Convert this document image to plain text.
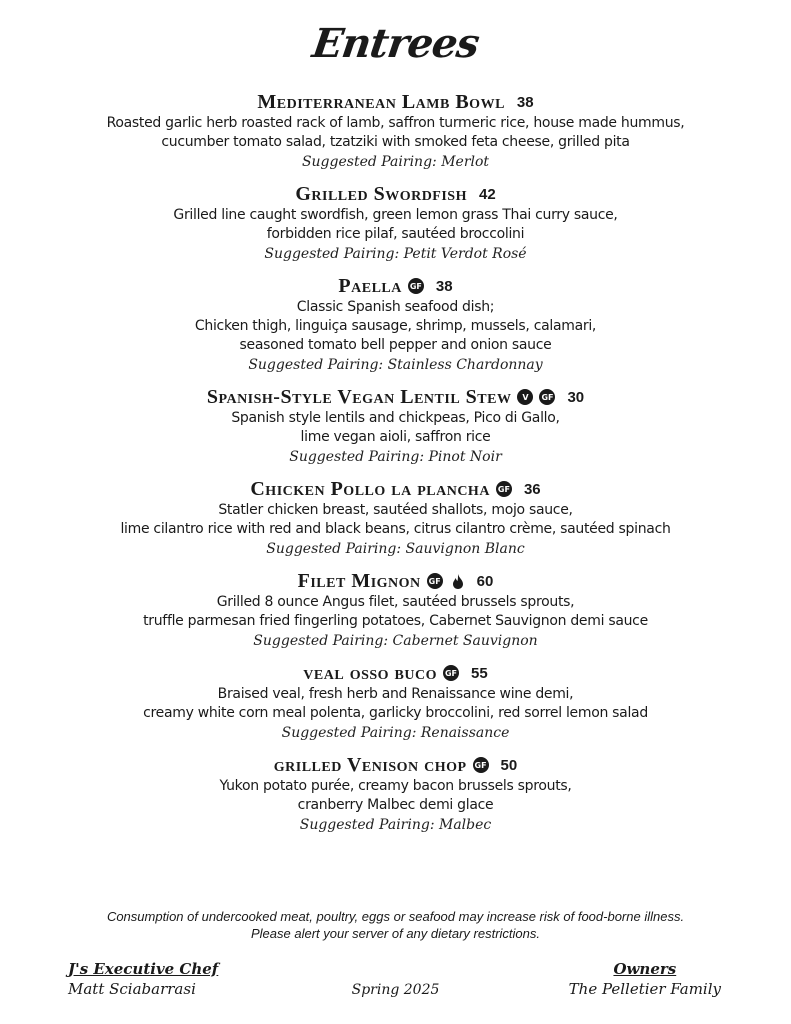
Entrees
Mediterranean Lamb Bowl 38
Roasted garlic herb roasted rack of lamb, saffron turmeric rice, house made hummus,
cucumber tomato salad, tzatziki with smoked feta cheese, grilled pita
Suggested Pairing: Merlot
Grilled Swordfish 42
Grilled line caught swordfish, green lemon grass Thai curry sauce,
forbidden rice pilaf, sautéed broccolini
Suggested Pairing: Petit Verdot Rosé
Paella GF 38
Classic Spanish seafood dish;
Chicken thigh, linguiça sausage, shrimp, mussels, calamari,
seasoned tomato bell pepper and onion sauce
Suggested Pairing: Stainless Chardonnay
Spanish-Style Vegan Lentil Stew	V	GF 30
Spanish style lentils and chickpeas, Pico di Gallo,
lime vegan aioli, saffron rice
Suggested Pairing: Pinot Noir
Chicken Pollo la plancha GF 36
Statler chicken breast, sautéed shallots, mojo sauce,
lime cilantro rice with red and black beans, citrus cilantro crème, sautéed spinach
Suggested Pairing: Sauvignon Blanc
Filet Mignon GF 60
Grilled 8 ounce Angus filet, sautéed brussels sprouts,
truffle parmesan fried fingerling potatoes, Cabernet Sauvignon demi sauce
Suggested Pairing: Cabernet Sauvignon
veal osso buco GF 55
Braised veal, fresh herb and Renaissance wine demi,
creamy white corn meal polenta, garlicky broccolini, red sorrel lemon salad
Suggested Pairing: Renaissance
grilled Venison chop GF 50
Yukon potato purée, creamy bacon brussels sprouts,
cranberry Malbec demi glace
Suggested Pairing: Malbec
Consumption of undercooked meat, poultry, eggs or seafood may increase risk of food-borne illness.
Please alert your server of any dietary restrictions.
J's Executive Chef
Matt Sciabarrasi	Spring 2025
Owners
The Pelletier Family
